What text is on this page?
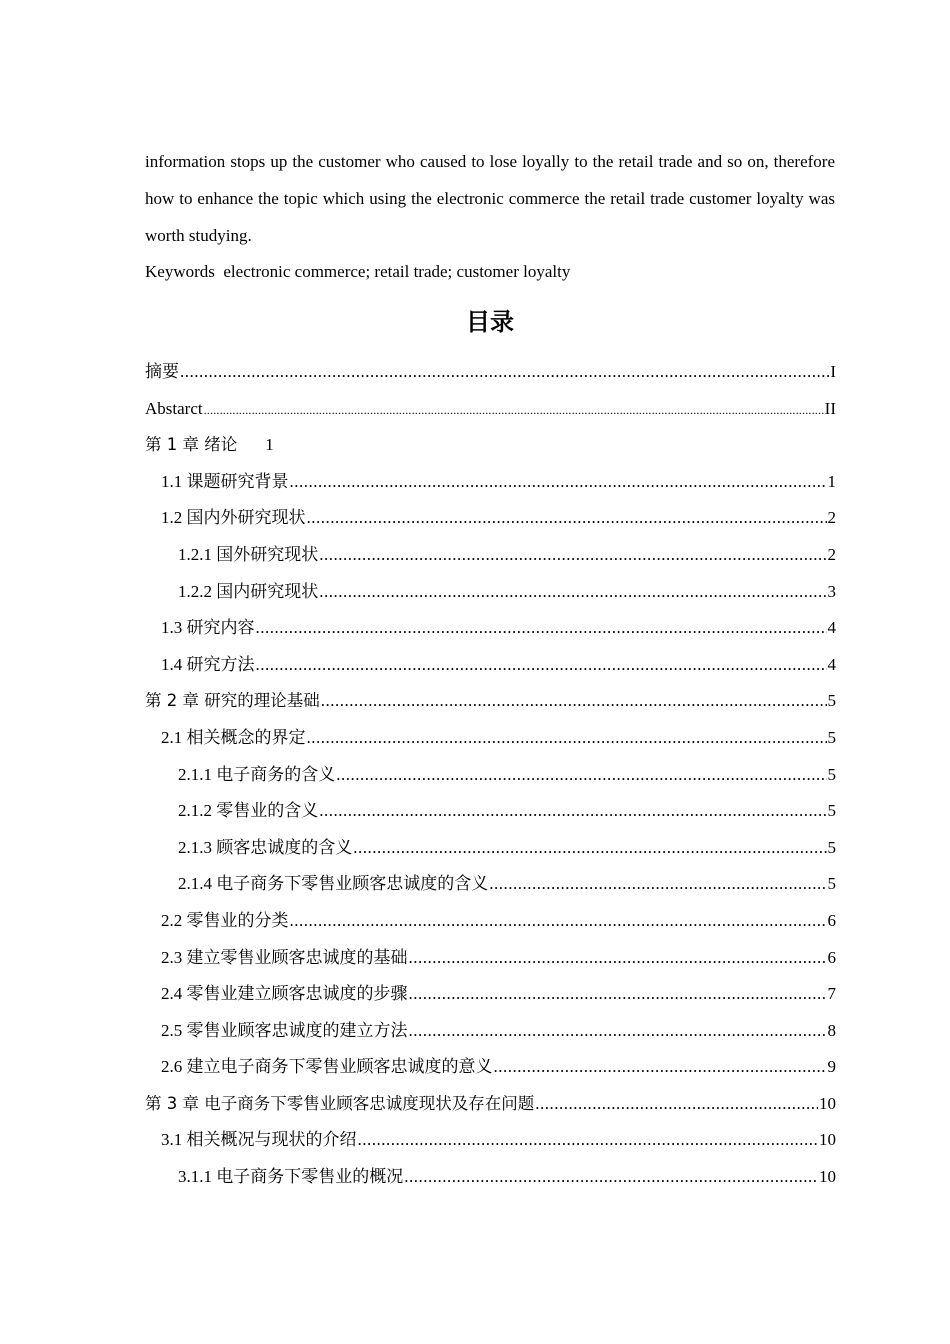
information stops up the customer who caused to lose loyally to the retail trade and so on, therefore how to enhance the topic which using the electronic commerce the retail trade customer loyalty was worth studying.

Keywords electronic commerce; retail trade; customer loyalty

目录
摘要 .....	I
Abstarct .....	II
第 1 章 绪论 1
1.1 课题研究背景 .....	1
1.2 国内外研究现状 .....	2
1.2.1 国外研究现状 .....	2
1.2.2 国内研究现状 .....	3
1.3 研究内容 .....	4
1.4 研究方法 .....	4
第 2 章 研究的理论基础 .....	5
2.1 相关概念的界定 .....	5
2.1.1 电子商务的含义 .....	5
2.1.2 零售业的含义 .....	5
2.1.3 顾客忠诚度的含义 .....	5
2.1.4 电子商务下零售业顾客忠诚度的含义 .....	5
2.2 零售业的分类 .....	6
2.3 建立零售业顾客忠诚度的基础 .....	6
2.4 零售业建立顾客忠诚度的步骤 .....	7
2.5 零售业顾客忠诚度的建立方法 .....	8
2.6 建立电子商务下零售业顾客忠诚度的意义 .....	9
第 3 章 电子商务下零售业顾客忠诚度现状及存在问题 .....	10
3.1 相关概况与现状的介绍 .....	10
3.1.1 电子商务下零售业的概况 .....	10
